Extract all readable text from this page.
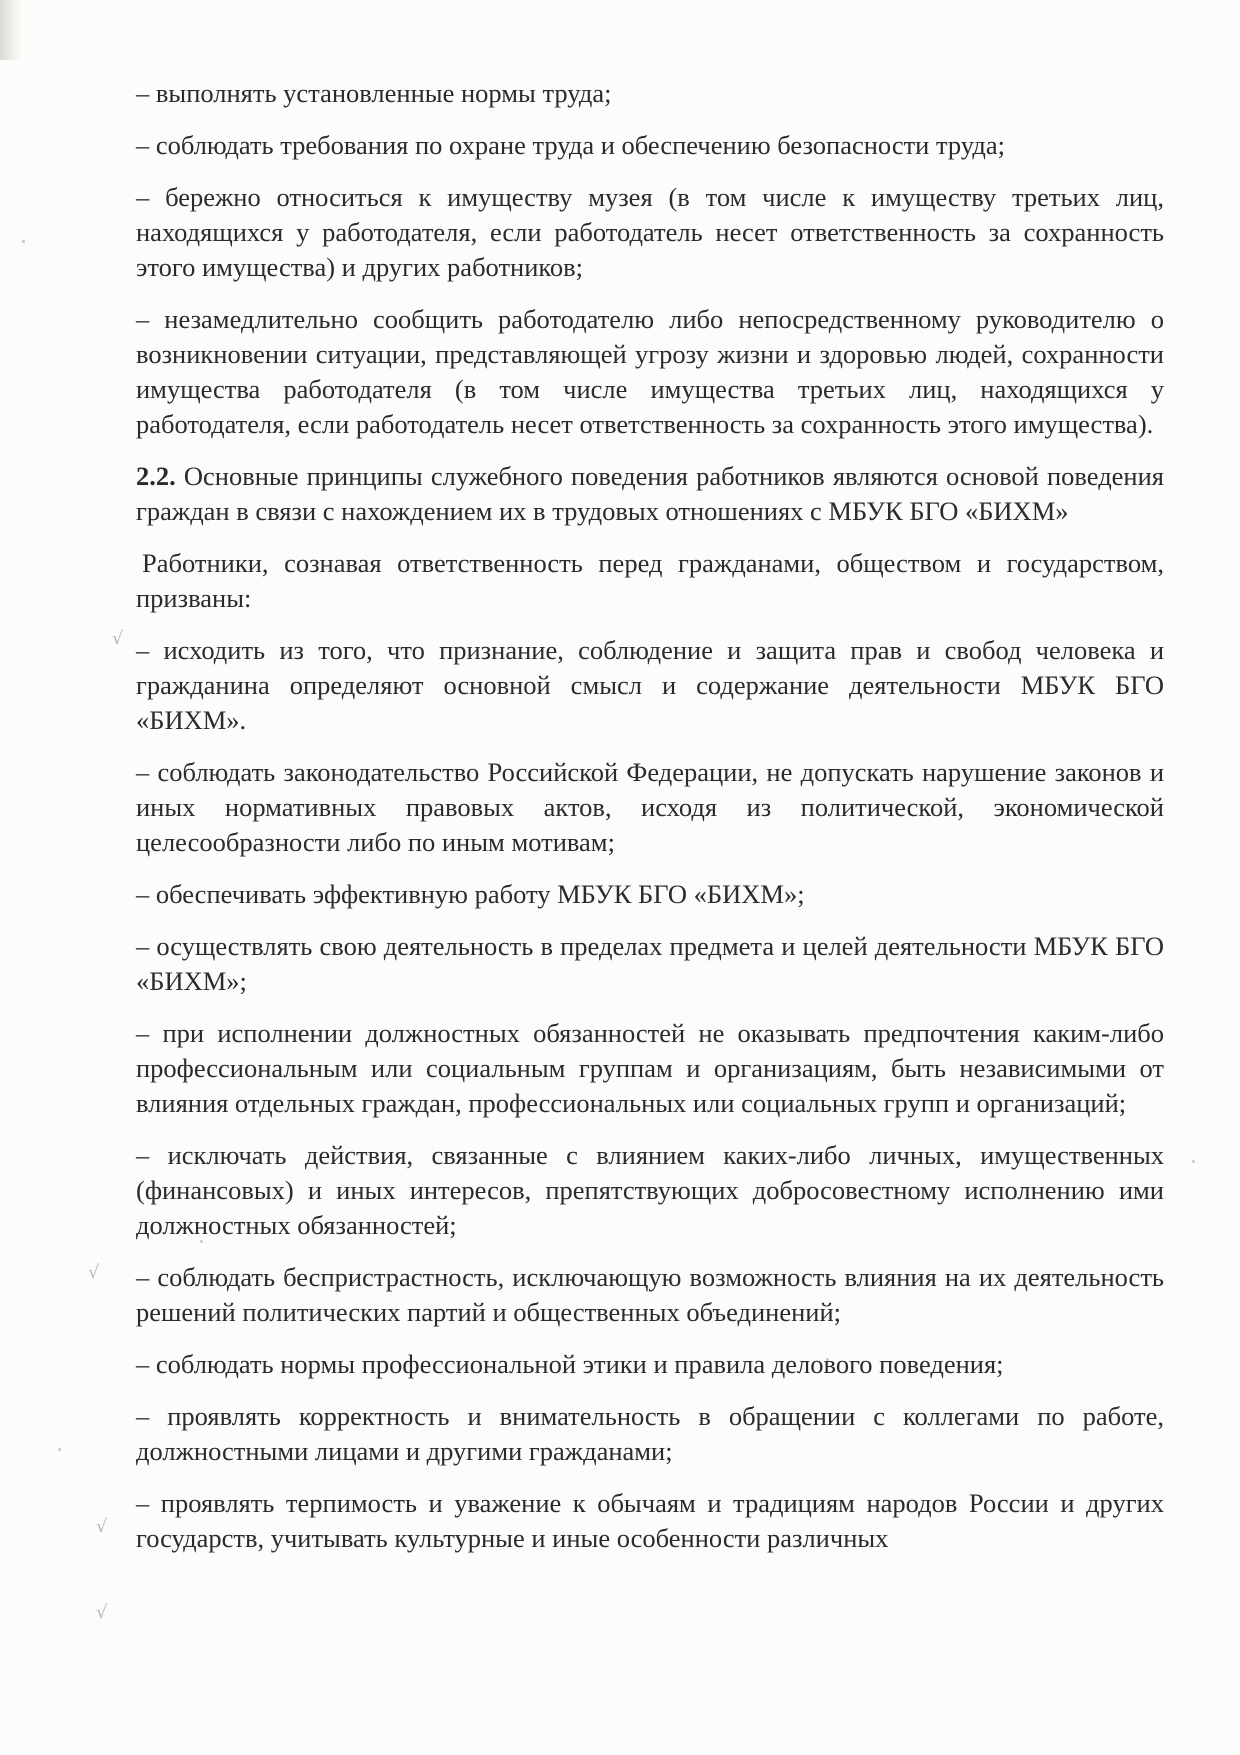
√
√
√
√

– выполнять установленные нормы труда;

– соблюдать требования по охране труда и обеспечению безопасности труда;

– бережно относиться к имуществу музея (в том числе к имуществу третьих лиц, находящихся у работодателя, если работодатель несет ответственность за сохранность этого имущества) и других работников;

– незамедлительно сообщить работодателю либо непосредственному руководителю о возникновении ситуации, представляющей угрозу жизни и здоровью людей, сохранности имущества работодателя (в том числе имущества третьих лиц, находящихся у работодателя, если работодатель несет ответственность за сохранность этого имущества).

2.2. Основные принципы служебного поведения работников являются основой поведения граждан в связи с нахождением их в трудовых отношениях с МБУК БГО «БИХМ»

Работники, сознавая ответственность перед гражданами, обществом и государством, призваны:

– исходить из того, что признание, соблюдение и защита прав и свобод человека и гражданина определяют основной смысл и содержание деятельности МБУК БГО «БИХМ».

– соблюдать законодательство Российской Федерации, не допускать нарушение законов и иных нормативных правовых актов, исходя из политической, экономической целесообразности либо по иным мотивам;

– обеспечивать эффективную работу МБУК БГО «БИХМ»;

– осуществлять свою деятельность в пределах предмета и целей деятельности МБУК БГО «БИХМ»;

– при исполнении должностных обязанностей не оказывать предпочтения каким-либо профессиональным или социальным группам и организациям, быть независимыми от влияния отдельных граждан, профессиональных или социальных групп и организаций;

– исключать действия, связанные с влиянием каких-либо личных, имущественных (финансовых) и иных интересов, препятствующих добросовестному исполнению ими должностных обязанностей;

– соблюдать беспристрастность, исключающую возможность влияния на их деятельность решений политических партий и общественных объединений;

– соблюдать нормы профессиональной этики и правила делового поведения;

– проявлять корректность и внимательность в обращении с коллегами по работе, должностными лицами и другими гражданами;

– проявлять терпимость и уважение к обычаям и традициям народов России и других государств, учитывать культурные и иные особенности различных
